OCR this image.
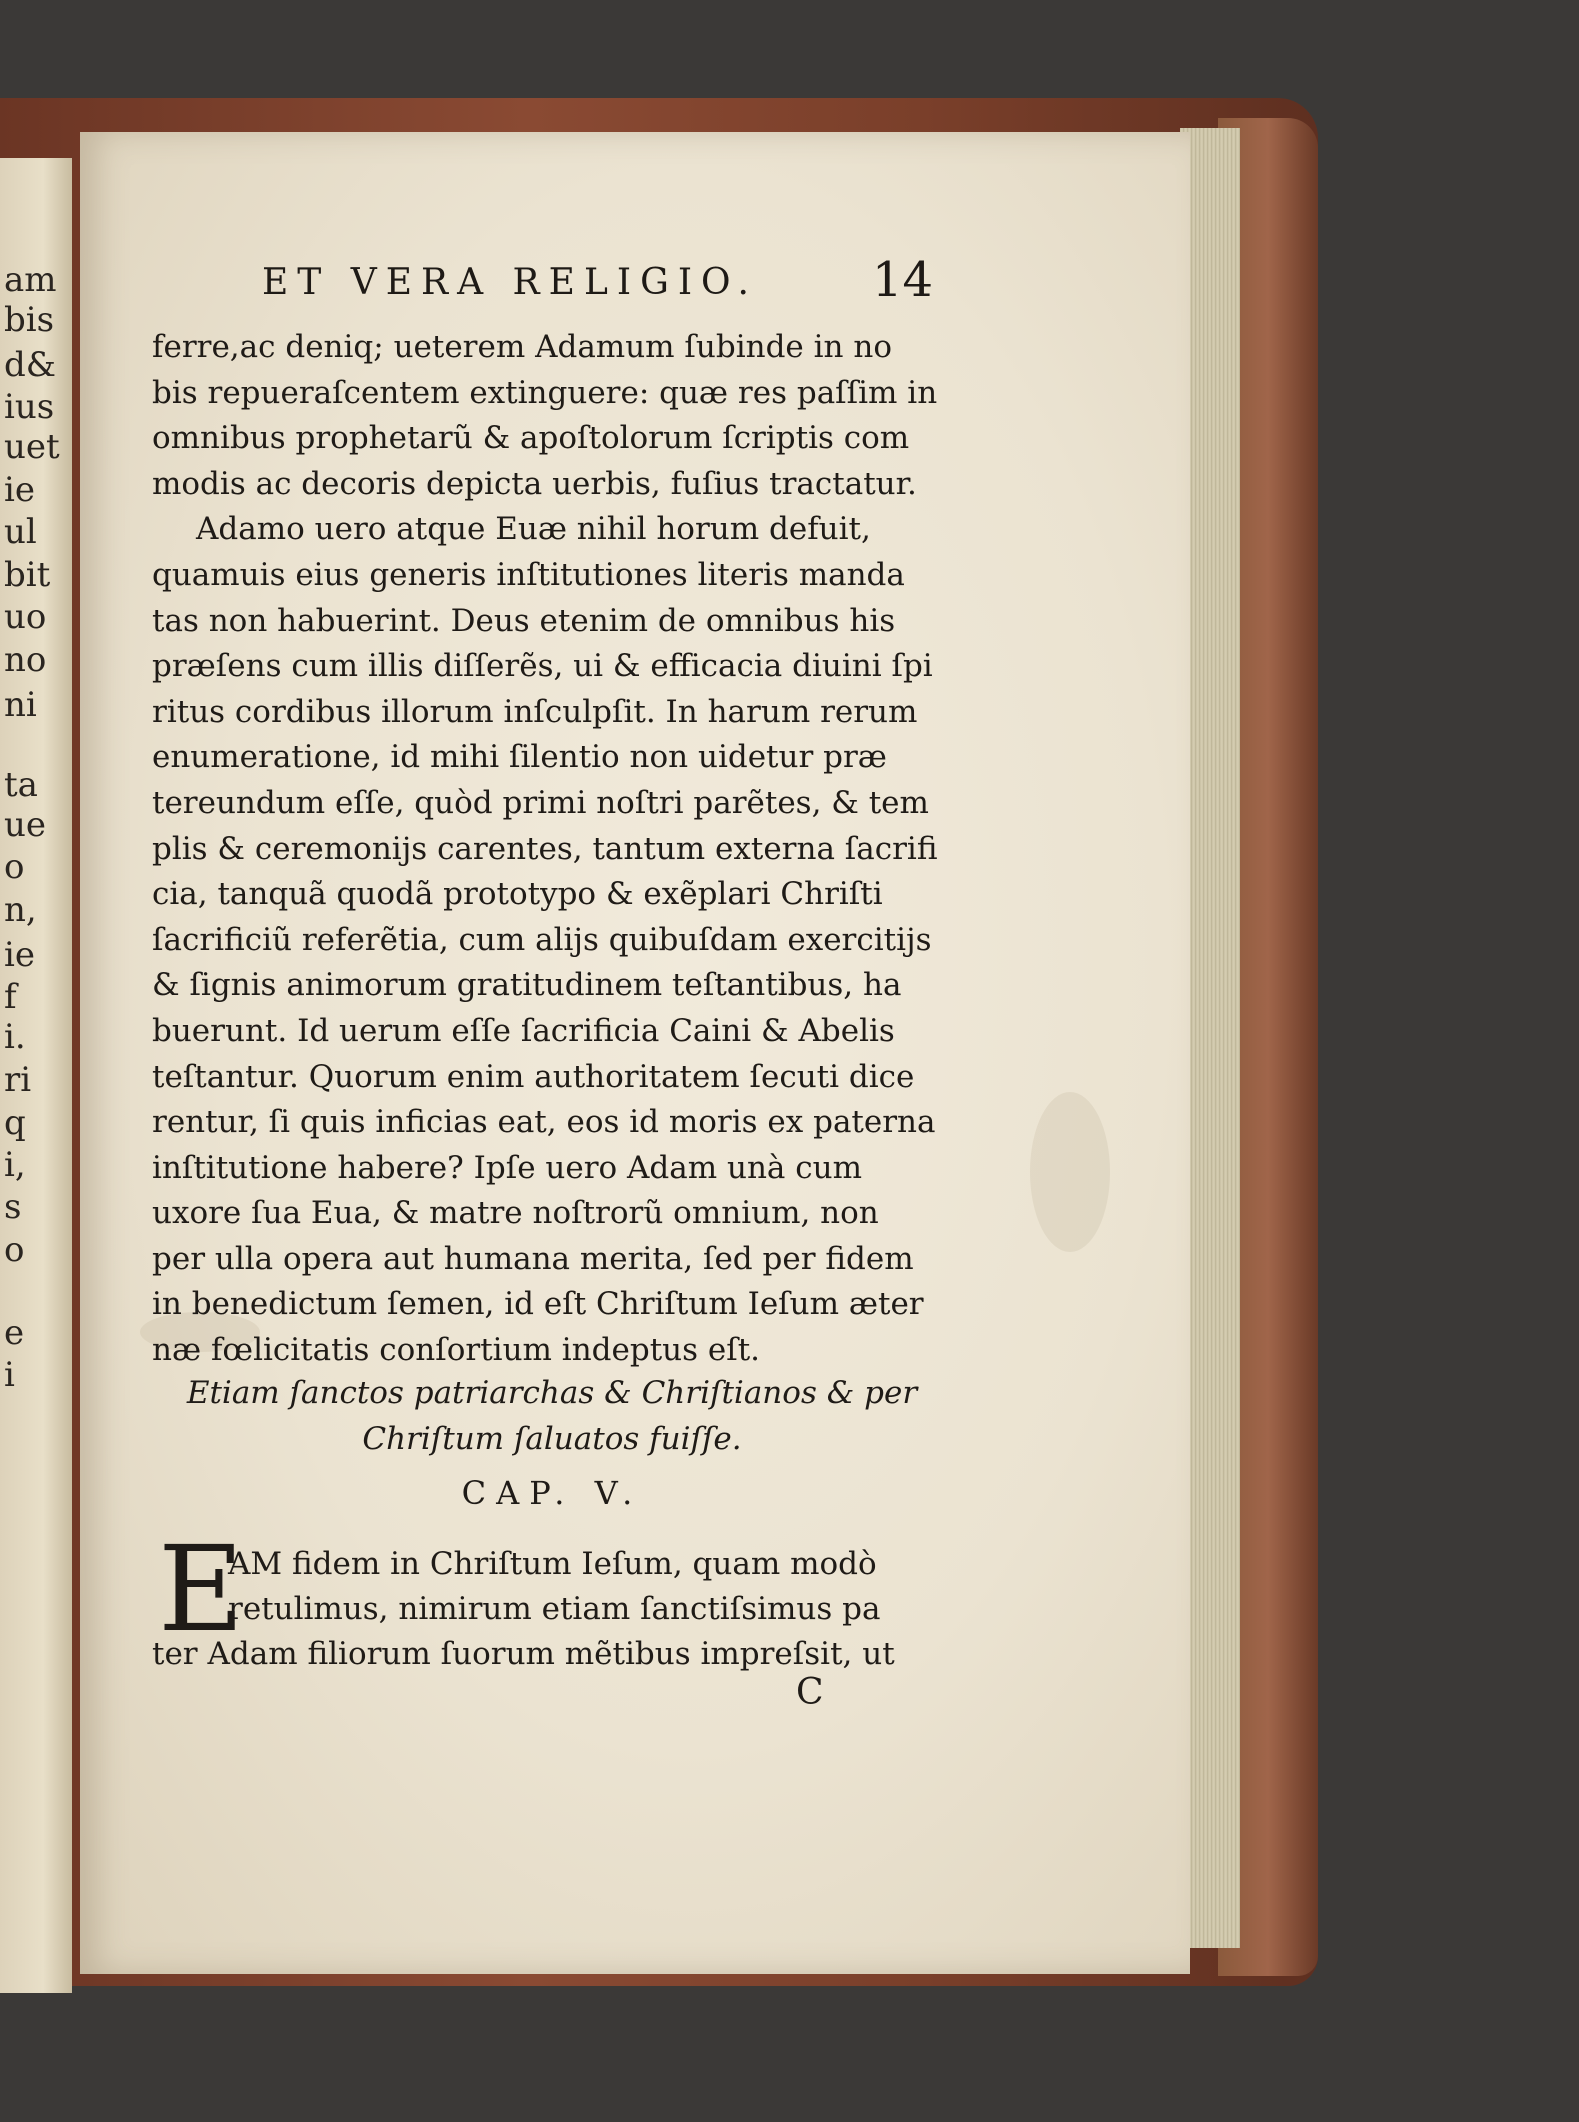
am
bis
d&
ius
uet
ie
ul
bit
uo
no
ni
ta
ue
o
n,
ie
f
i.
ri
q
i,
s
o
e
i
ET VERA RELIGIO. 14
ferre,ac deniq; ueterem Adamum ſubinde in no
bis repueraſcentem extinguere: quæ res paſſim in
omnibus prophetarũ & apoſtolorum ſcriptis com
modis ac decoris depicta uerbis, fuſius tractatur.
Adamo uero atque Euæ nihil horum defuit,
quamuis eius generis inſtitutiones literis manda
tas non habuerint. Deus etenim de omnibus his
præſens cum illis diſſerẽs, ui & efficacia diuini ſpi
ritus cordibus illorum inſculpſit. In harum rerum
enumeratione, id mihi ſilentio non uidetur præ
tereundum eſſe, quòd primi noſtri parẽtes, & tem
plis & ceremonijs carentes, tantum externa ſacrifi
cia, tanquã quodã prototypo & exẽplari Chriſti
ſacrificiũ referẽtia, cum alijs quibuſdam exercitijs
& ſignis animorum gratitudinem teſtantibus, ha
buerunt. Id uerum eſſe ſacrificia Caini & Abelis
teſtantur. Quorum enim authoritatem ſecuti dice
rentur, ſi quis inficias eat, eos id moris ex paterna
inſtitutione habere? Ipſe uero Adam unà cum
uxore ſua Eua, & matre noſtrorũ omnium, non
per ulla opera aut humana merita, ſed per fidem
in benedictum ſemen, id eſt Chriſtum Ieſum æter
næ fœlicitatis conſortium indeptus eſt.
Etiam ſanctos patriarchas & Chriſtianos & per
Chriſtum ſaluatos fuiſſe.
CAP. V.
E
AM fidem in Chriſtum Ieſum, quam modò
retulimus, nimirum etiam ſanctiſsimus pa
ter Adam filiorum ſuorum mẽtibus impreſsit, ut
C
